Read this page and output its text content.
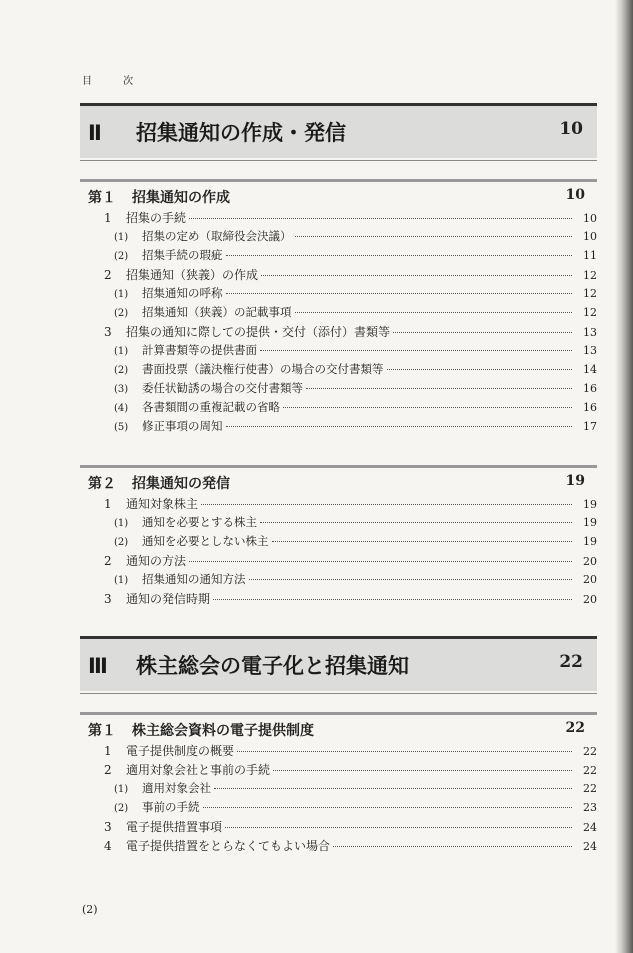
目 次
Ⅱ 招集通知の作成・発信	10
第１ 招集通知の作成	10
1	招集の手続	10
(1)	招集の定め（取締役会決議）	10
(2)	招集手続の瑕疵	11
2	招集通知（狭義）の作成	12
(1)	招集通知の呼称	12
(2)	招集通知（狭義）の記載事項	12
3	招集の通知に際しての提供・交付（添付）書類等	13
(1)	計算書類等の提供書面	13
(2)	書面投票（議決権行使書）の場合の交付書類等	14
(3)	委任状勧誘の場合の交付書類等	16
(4)	各書類間の重複記載の省略	16
(5)	修正事項の周知	17
第２ 招集通知の発信	19
1	通知対象株主	19
(1)	通知を必要とする株主	19
(2)	通知を必要としない株主	19
2	通知の方法	20
(1)	招集通知の通知方法	20
3	通知の発信時期	20
Ⅲ 株主総会の電子化と招集通知	22
第１ 株主総会資料の電子提供制度	22
1	電子提供制度の概要	22
2	適用対象会社と事前の手続	22
(1)	適用対象会社	22
(2)	事前の手続	23
3	電子提供措置事項	24
4	電子提供措置をとらなくてもよい場合	24
(2)
